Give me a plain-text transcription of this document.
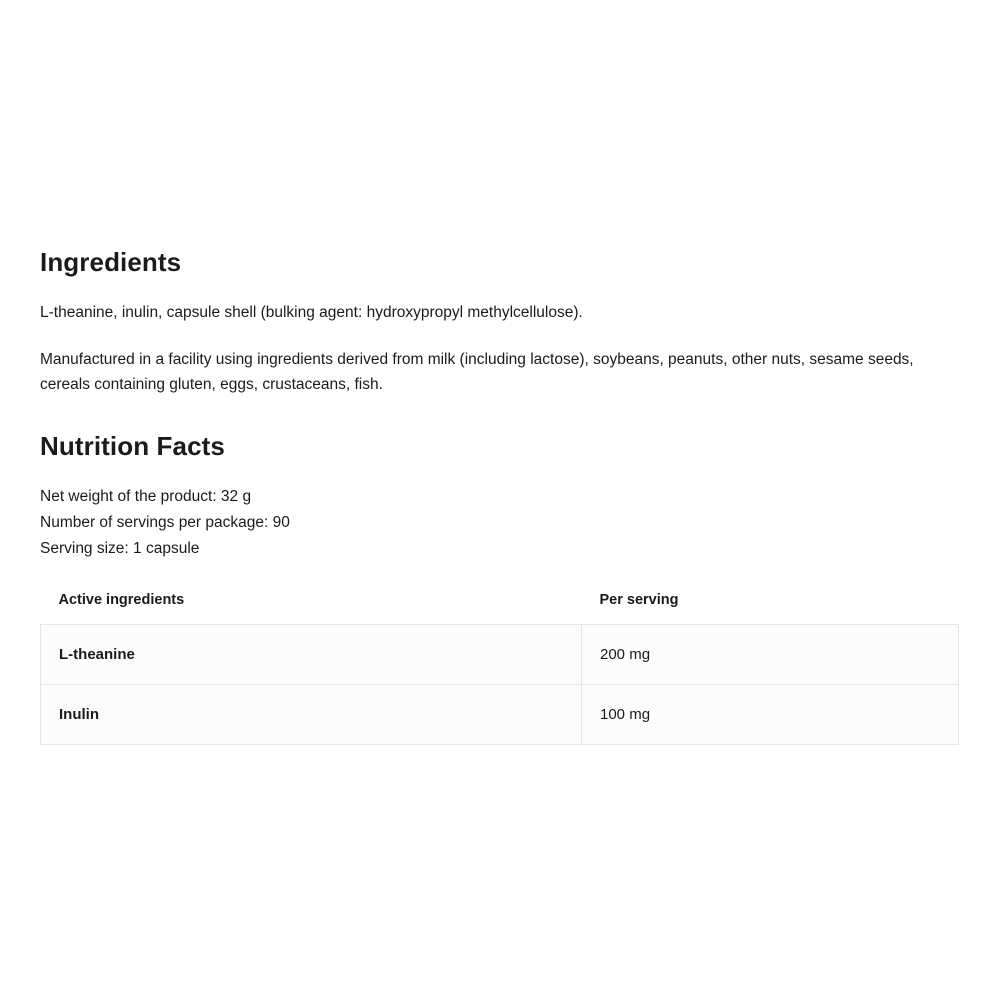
Ingredients

L-theanine, inulin, capsule shell (bulking agent: hydroxypropyl methylcellulose).

Manufactured in a facility using ingredients derived from milk (including lactose), soybeans, peanuts, other nuts, sesame seeds, cereals containing gluten, eggs, crustaceans, fish.

Nutrition Facts
Net weight of the product: 32 g
Number of servings per package: 90
Serving size: 1 capsule
Active ingredients	Per serving
L-theanine	200 mg
Inulin	100 mg
